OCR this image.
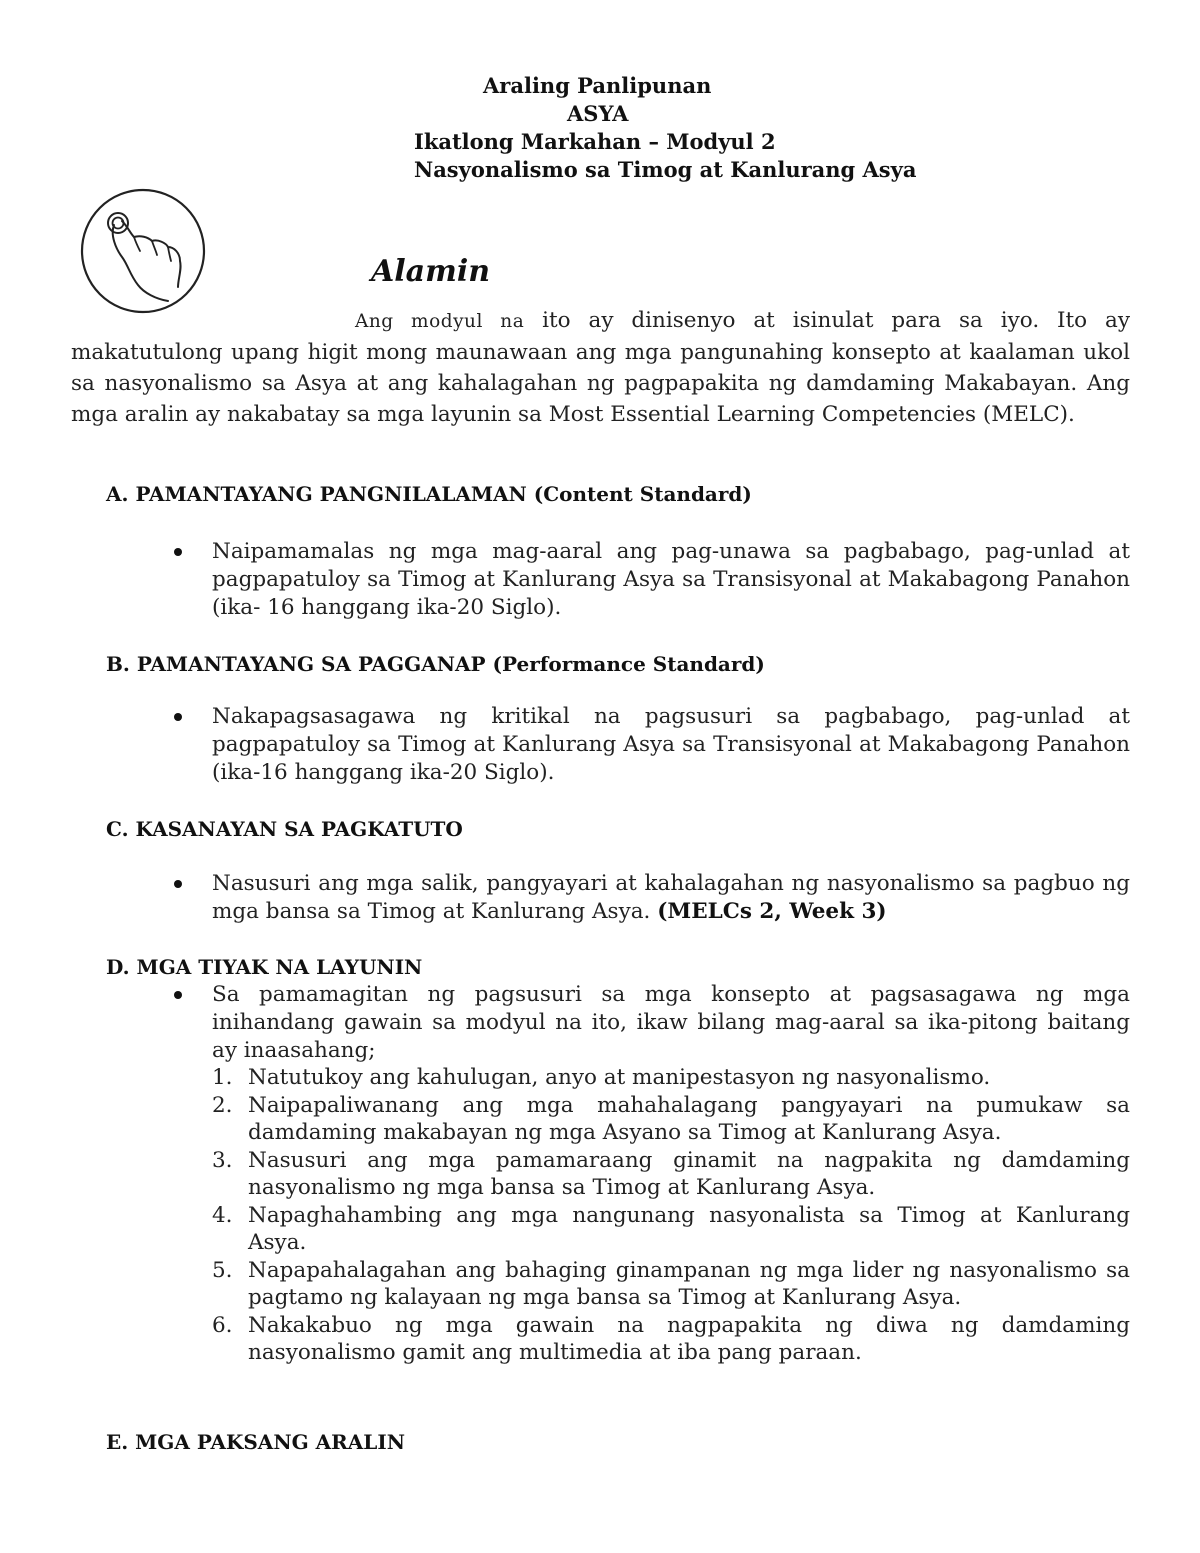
Araling Panlipunan
ASYA
Ikatlong Markahan – Modyul 2
Nasyonalismo sa Timog at Kanlurang Asya
Alamin

Ang modyul na ito ay dinisenyo at isinulat para sa iyo. Ito ay makatutulong upang higit mong maunawaan ang mga pangunahing konsepto at kaalaman ukol sa nasyonalismo sa Asya at ang kahalagahan ng pagpapakita ng damdaming Makabayan. Ang mga aralin ay nakabatay sa mga layunin sa Most Essential Learning Competencies (MELC).

A. PAMANTAYANG PANGNILALAMAN (Content Standard)

Naipamamalas ng mga mag-aaral ang pag-unawa sa pagbabago, pag-unlad at pagpapatuloy sa Timog at Kanlurang Asya sa Transisyonal at Makabagong Panahon (ika- 16 hanggang ika-20 Siglo).

B. PAMANTAYANG SA PAGGANAP (Performance Standard)

Nakapagsasagawa ng kritikal na pagsusuri sa pagbabago, pag-unlad at pagpapatuloy sa Timog at Kanlurang Asya sa Transisyonal at Makabagong Panahon (ika-16 hanggang ika-20 Siglo).

C. KASANAYAN SA PAGKATUTO

Nasusuri ang mga salik, pangyayari at kahalagahan ng nasyonalismo sa pagbuo ng mga bansa sa Timog at Kanlurang Asya. (MELCs 2, Week 3)

D. MGA TIYAK NA LAYUNIN

Sa pamamagitan ng pagsusuri sa mga konsepto at pagsasagawa ng mga inihandang gawain sa modyul na ito, ikaw bilang mag-aaral sa ika-pitong baitang ay inaasahang;

1. Natutukoy ang kahulugan, anyo at manipestasyon ng nasyonalismo.

2. Naipapaliwanang ang mga mahahalagang pangyayari na pumukaw sa damdaming makabayan ng mga Asyano sa Timog at Kanlurang Asya.

3. Nasusuri ang mga pamamaraang ginamit na nagpakita ng damdaming nasyonalismo ng mga bansa sa Timog at Kanlurang Asya.

4. Napaghahambing ang mga nangunang nasyonalista sa Timog at Kanlurang Asya.

5. Napapahalagahan ang bahaging ginampanan ng mga lider ng nasyonalismo sa pagtamo ng kalayaan ng mga bansa sa Timog at Kanlurang Asya.

6. Nakakabuo ng mga gawain na nagpapakita ng diwa ng damdaming nasyonalismo gamit ang multimedia at iba pang paraan.

E. MGA PAKSANG ARALIN
